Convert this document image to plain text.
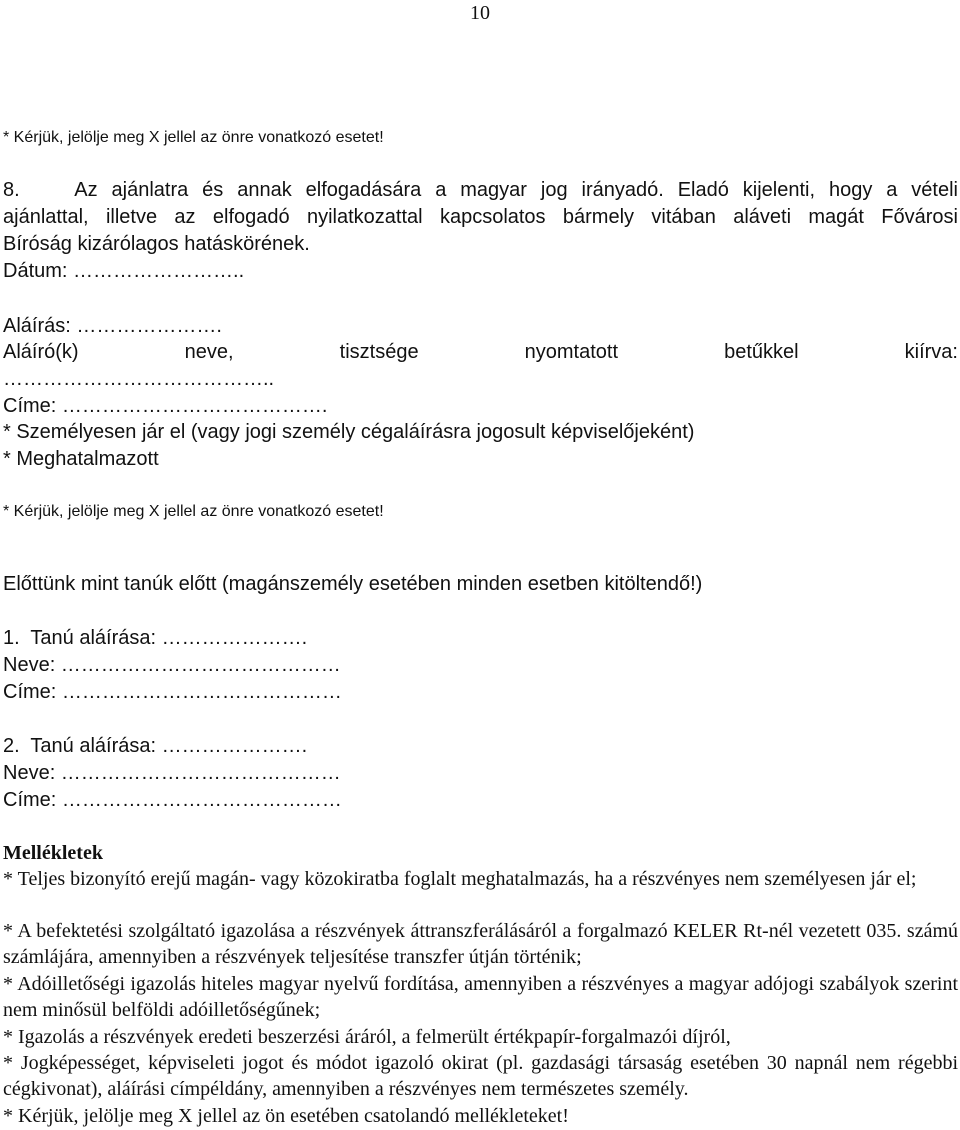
10
* Kérjük, jelölje meg X jellel az önre vonatkozó esetet!
8.    Az ajánlatra és annak elfogadására a magyar jog irányadó. Eladó kijelenti, hogy a vételi
ajánlattal, illetve az elfogadó nyilatkozattal kapcsolatos bármely vitában aláveti magát Fővárosi
Bíróság kizárólagos hatáskörének.
Dátum: ……………………..
Aláírás: ………………….
Aláíró(k) neve, tisztsége nyomtatott betűkkel kiírva:
…………………………………..
Címe: ………………………………….
* Személyesen jár el (vagy jogi személy cégaláírásra jogosult képviselőjeként)
* Meghatalmazott
* Kérjük, jelölje meg X jellel az önre vonatkozó esetet!
Előttünk mint tanúk előtt (magánszemély esetében minden esetben kitöltendő!)
1.  Tanú aláírása: ………………….
Neve: ……………………………………
Címe: ……………………………………
2.  Tanú aláírása: ………………….
Neve: ……………………………………
Címe: ……………………………………
Mellékletek
* Teljes bizonyító erejű magán- vagy közokiratba foglalt meghatalmazás, ha a részvényes nem személyesen jár el;
* A befektetési szolgáltató igazolása a részvények áttranszferálásáról a forgalmazó KELER Rt-nél vezetett 035. számú számlájára, amennyiben a részvények teljesítése transzfer útján történik;
* Adóilletőségi igazolás hiteles magyar nyelvű fordítása, amennyiben a részvényes a magyar adójogi szabályok szerint nem minősül belföldi adóilletőségűnek;
* Igazolás a részvények eredeti beszerzési áráról, a felmerült értékpapír-forgalmazói díjról,
* Jogképességet, képviseleti jogot és módot igazoló okirat (pl. gazdasági társaság esetében 30 napnál nem régebbi cégkivonat), aláírási címpéldány, amennyiben a részvényes nem természetes személy.
* Kérjük, jelölje meg X jellel az ön esetében csatolandó mellékleteket!
